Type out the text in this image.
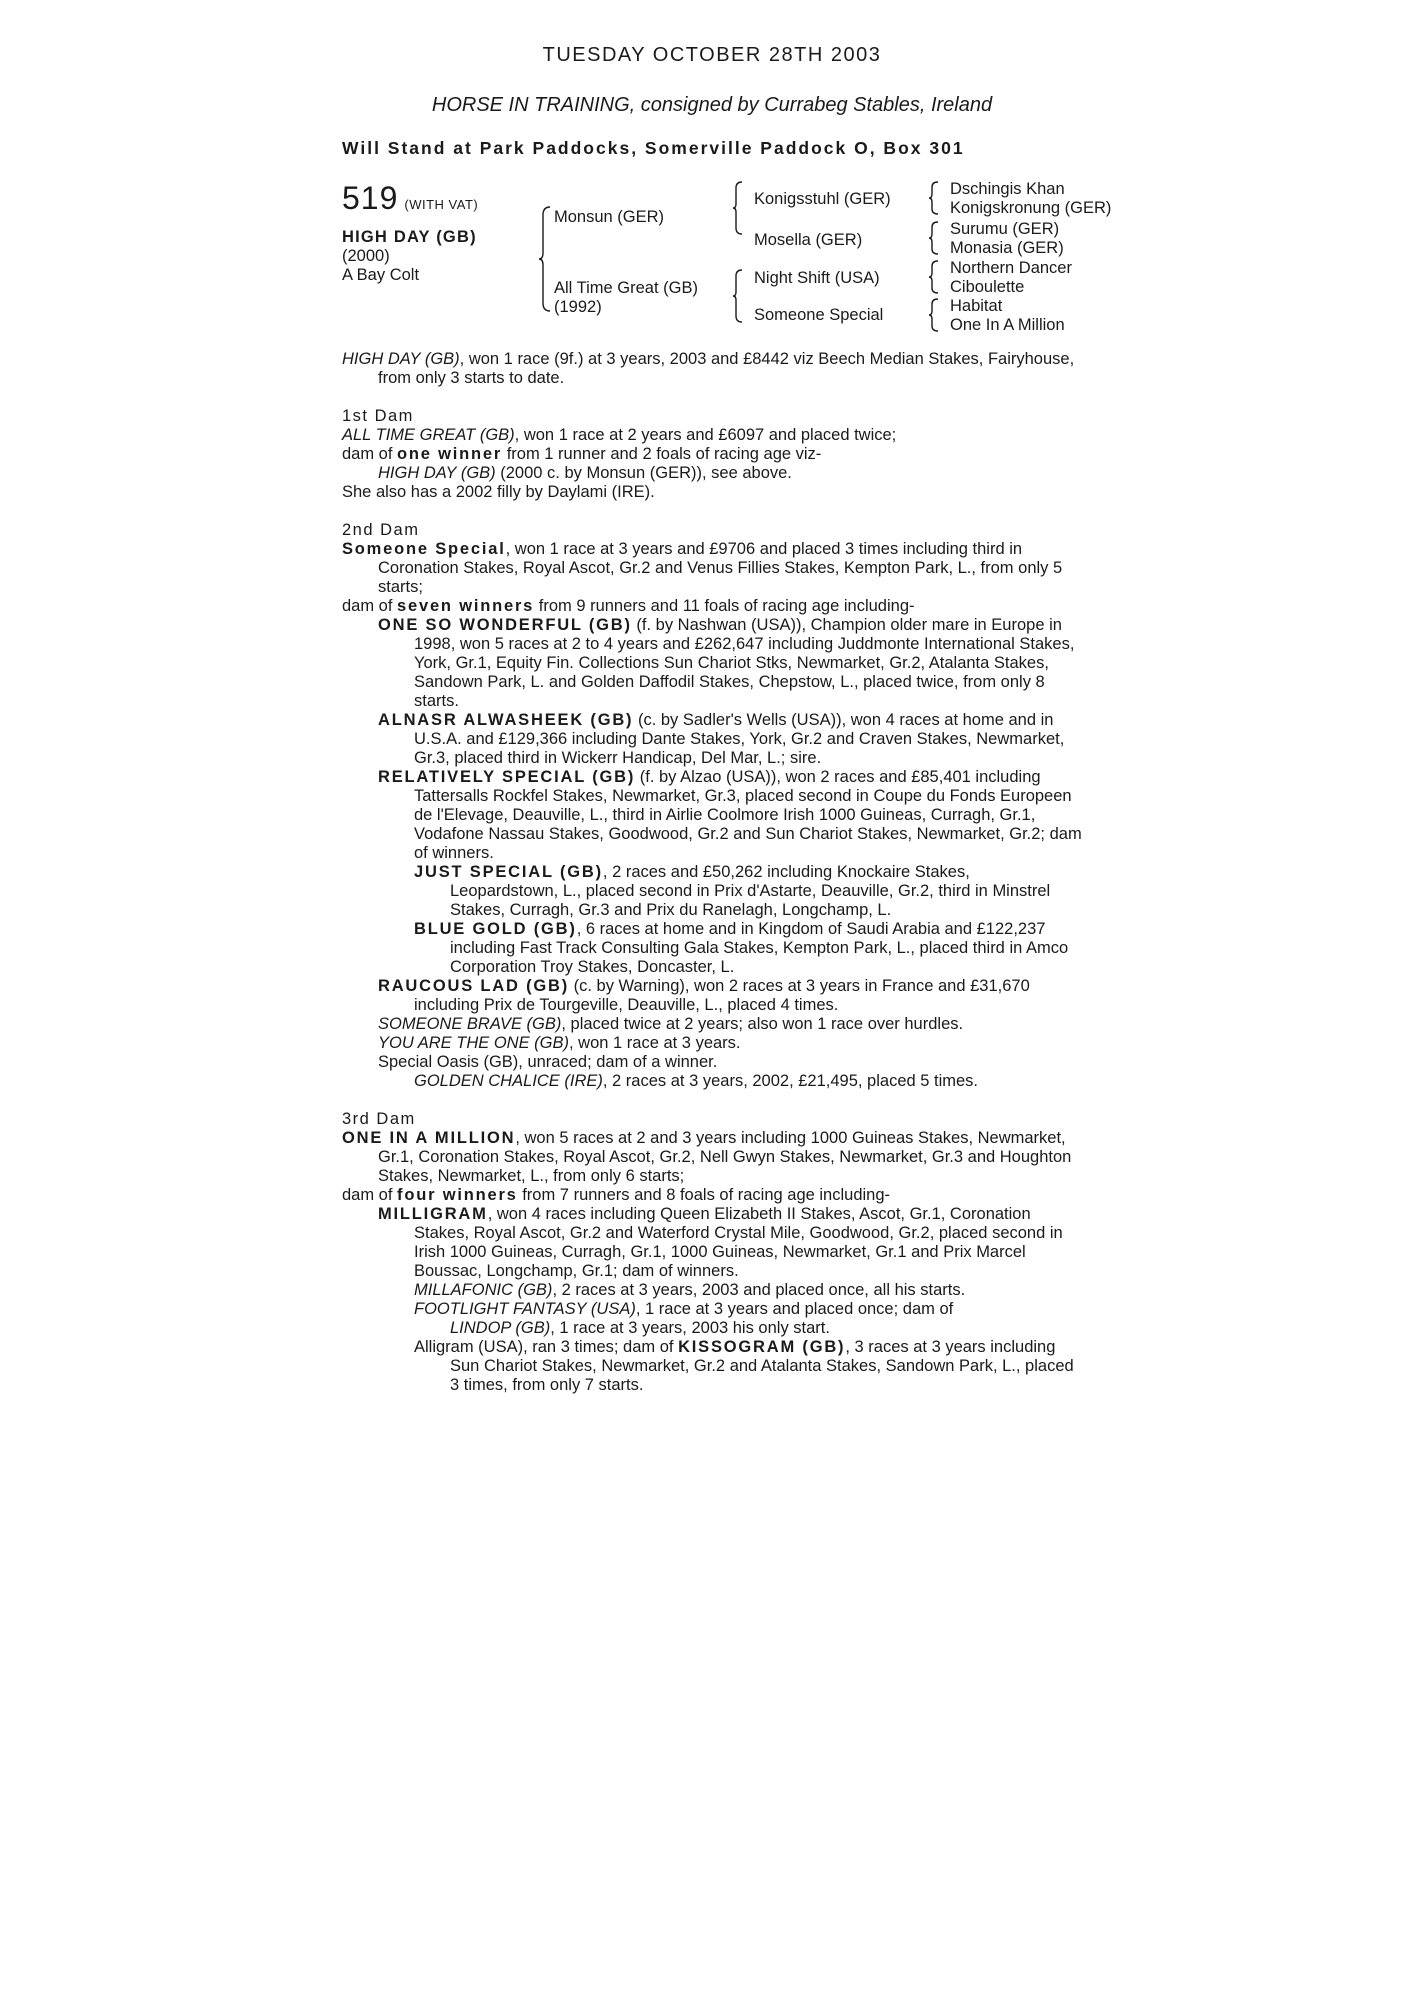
TUESDAY OCTOBER 28TH 2003
HORSE IN TRAINING, consigned by Currabeg Stables, Ireland
Will Stand at Park Paddocks, Somerville Paddock O, Box 301
519 (WITH VAT)
HIGH DAY (GB)
(2000)
A Bay Colt
Monsun (GER)
All Time Great (GB)
(1992)
Konigsstuhl (GER)
Mosella (GER)
Night Shift (USA)
Someone Special
Dschingis Khan
Konigskronung (GER)
Surumu (GER)
Monasia (GER)
Northern Dancer
Ciboulette
Habitat
One In A Million

HIGH DAY (GB), won 1 race (9f.) at 3 years, 2003 and £8442 viz Beech Median Stakes, Fairyhouse, from only 3 starts to date.

1st Dam

ALL TIME GREAT (GB), won 1 race at 2 years and £6097 and placed twice;

dam of one winner from 1 runner and 2 foals of racing age viz-

HIGH DAY (GB) (2000 c. by Monsun (GER)), see above.

She also has a 2002 filly by Daylami (IRE).

2nd Dam

Someone Special, won 1 race at 3 years and £9706 and placed 3 times including third in Coronation Stakes, Royal Ascot, Gr.2 and Venus Fillies Stakes, Kempton Park, L., from only 5 starts;

dam of seven winners from 9 runners and 11 foals of racing age including-

ONE SO WONDERFUL (GB) (f. by Nashwan (USA)), Champion older mare in Europe in 1998, won 5 races at 2 to 4 years and £262,647 including Juddmonte International Stakes, York, Gr.1, Equity Fin. Collections Sun Chariot Stks, Newmarket, Gr.2, Atalanta Stakes, Sandown Park, L. and Golden Daffodil Stakes, Chepstow, L., placed twice, from only 8 starts.

ALNASR ALWASHEEK (GB) (c. by Sadler's Wells (USA)), won 4 races at home and in U.S.A. and £129,366 including Dante Stakes, York, Gr.2 and Craven Stakes, Newmarket, Gr.3, placed third in Wickerr Handicap, Del Mar, L.; sire.

RELATIVELY SPECIAL (GB) (f. by Alzao (USA)), won 2 races and £85,401 including Tattersalls Rockfel Stakes, Newmarket, Gr.3, placed second in Coupe du Fonds Europeen de l'Elevage, Deauville, L., third in Airlie Coolmore Irish 1000 Guineas, Curragh, Gr.1, Vodafone Nassau Stakes, Goodwood, Gr.2 and Sun Chariot Stakes, Newmarket, Gr.2; dam of winners.

JUST SPECIAL (GB), 2 races and £50,262 including Knockaire Stakes, Leopardstown, L., placed second in Prix d'Astarte, Deauville, Gr.2, third in Minstrel Stakes, Curragh, Gr.3 and Prix du Ranelagh, Longchamp, L.

BLUE GOLD (GB), 6 races at home and in Kingdom of Saudi Arabia and £122,237 including Fast Track Consulting Gala Stakes, Kempton Park, L., placed third in Amco Corporation Troy Stakes, Doncaster, L.

RAUCOUS LAD (GB) (c. by Warning), won 2 races at 3 years in France and £31,670 including Prix de Tourgeville, Deauville, L., placed 4 times.

SOMEONE BRAVE (GB), placed twice at 2 years; also won 1 race over hurdles.

YOU ARE THE ONE (GB), won 1 race at 3 years.

Special Oasis (GB), unraced; dam of a winner.

GOLDEN CHALICE (IRE), 2 races at 3 years, 2002, £21,495, placed 5 times.

3rd Dam

ONE IN A MILLION, won 5 races at 2 and 3 years including 1000 Guineas Stakes, Newmarket, Gr.1, Coronation Stakes, Royal Ascot, Gr.2, Nell Gwyn Stakes, Newmarket, Gr.3 and Houghton Stakes, Newmarket, L., from only 6 starts;

dam of four winners from 7 runners and 8 foals of racing age including-

MILLIGRAM, won 4 races including Queen Elizabeth II Stakes, Ascot, Gr.1, Coronation Stakes, Royal Ascot, Gr.2 and Waterford Crystal Mile, Goodwood, Gr.2, placed second in Irish 1000 Guineas, Curragh, Gr.1, 1000 Guineas, Newmarket, Gr.1 and Prix Marcel Boussac, Longchamp, Gr.1; dam of winners.

MILLAFONIC (GB), 2 races at 3 years, 2003 and placed once, all his starts.

FOOTLIGHT FANTASY (USA), 1 race at 3 years and placed once; dam of

LINDOP (GB), 1 race at 3 years, 2003 his only start.

Alligram (USA), ran 3 times; dam of KISSOGRAM (GB), 3 races at 3 years including Sun Chariot Stakes, Newmarket, Gr.2 and Atalanta Stakes, Sandown Park, L., placed 3 times, from only 7 starts.
